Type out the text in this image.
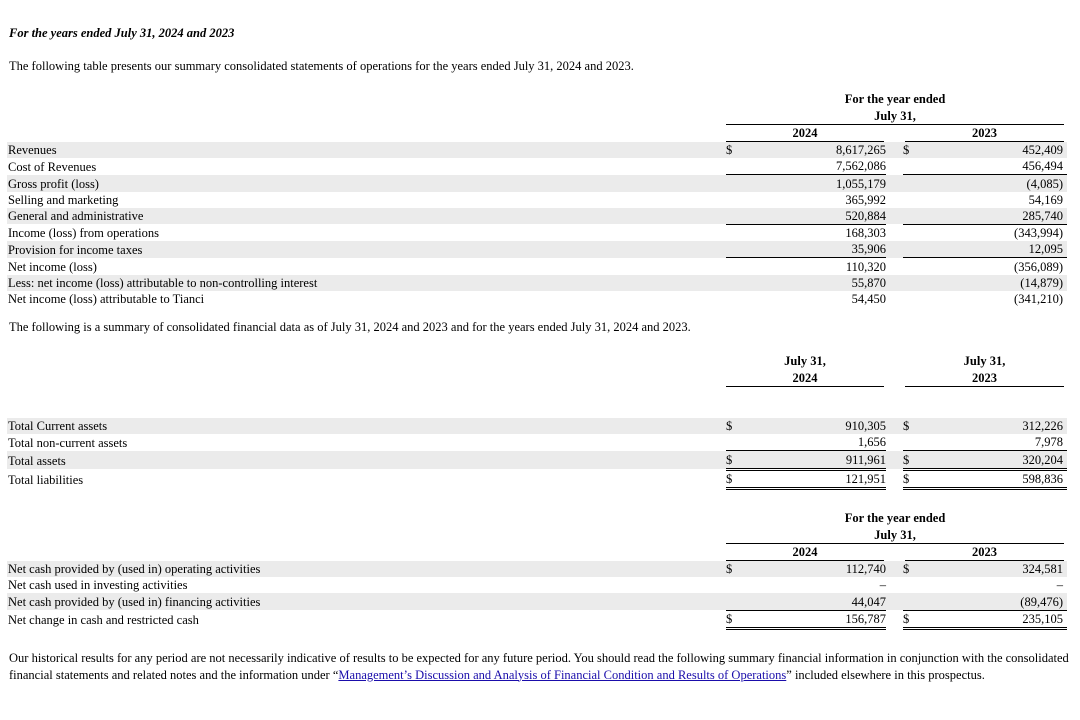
For the years ended July 31, 2024 and 2023
The following table presents our summary consolidated statements of operations for the years ended July 31, 2024 and 2023.
For the year ended
July 31,
2024	2023
Revenues	$	8,617,265		$	452,409
Cost of Revenues		7,562,086			456,494
Gross profit (loss)		1,055,179			(4,085)
Selling and marketing		365,992			54,169
General and administrative		520,884			285,740
Income (loss) from operations		168,303			(343,994)
Provision for income taxes		35,906			12,095
Net income (loss)		110,320			(356,089)
Less: net income (loss) attributable to non-controlling interest		55,870			(14,879)
Net income (loss) attributable to Tianci		54,450			(341,210)
The following is a summary of consolidated financial data as of July 31, 2024 and 2023 and for the years ended July 31, 2024 and 2023.
July 31,
2024
July 31,
2023
Total Current assets	$	910,305		$	312,226
Total non-current assets		1,656			7,978
Total assets	$	911,961		$	320,204
Total liabilities	$	121,951		$	598,836
For the year ended
July 31,
2024	2023
Net cash provided by (used in) operating activities	$	112,740		$	324,581
Net cash used in investing activities		–			–
Net cash provided by (used in) financing activities		44,047			(89,476)
Net change in cash and restricted cash	$	156,787		$	235,105
Our historical results for any period are not necessarily indicative of results to be expected for any future period. You should read the following summary financial information in conjunction with the consolidated financial statements and related notes and the information under “Management’s Discussion and Analysis of Financial Condition and Results of Operations” included elsewhere in this prospectus.
